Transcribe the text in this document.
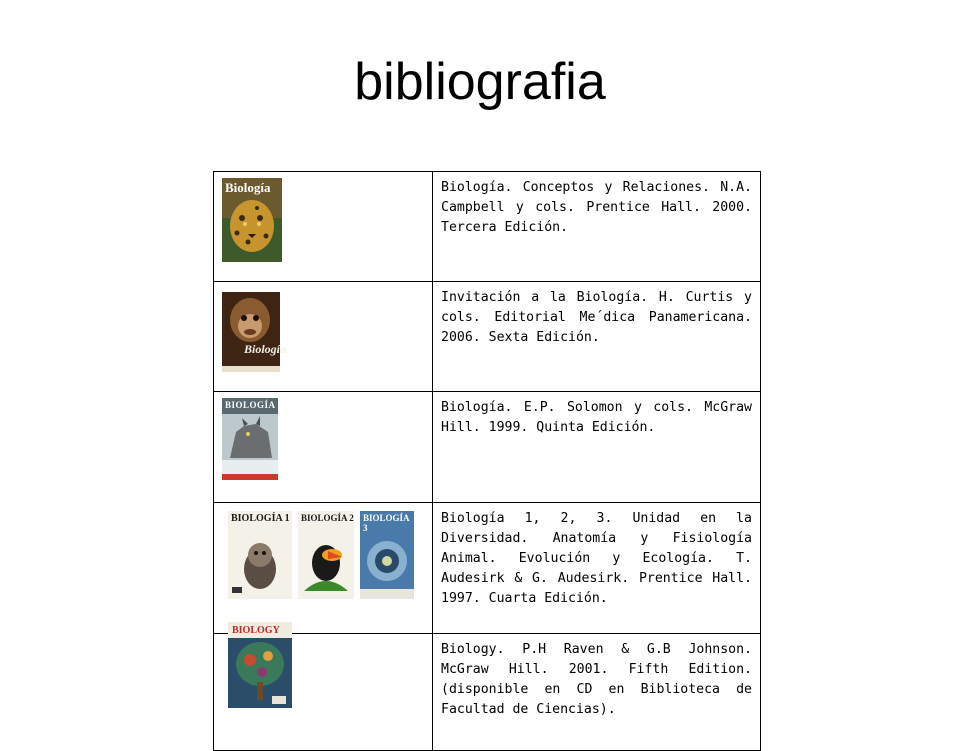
bibliografia
Biología	Biología. Conceptos y Relaciones. N.A. Campbell y cols. Prentice Hall. 2000. Tercera Edición.

Biología	Invitación a la Biología. H. Curtis y cols. Editorial Me´dica Panamericana. 2006. Sexta Edición.

BIOLOGÍA	Biología. E.P. Solomon y cols. McGraw Hill. 1999. Quinta Edición.

BIOLOGÍA 1 BIOLOGÍA 2 BIOLOGÍA 3	Biología 1, 2, 3. Unidad en la Diversidad. Anatomía y Fisiología Animal. Evolución y Ecología. T. Audesirk & G. Audesirk. Prentice Hall. 1997. Cuarta Edición.

BIOLOGY	Biology. P.H Raven & G.B Johnson. McGraw Hill. 2001. Fifth Edition. (disponible en CD en Biblioteca de Facultad de Ciencias).
